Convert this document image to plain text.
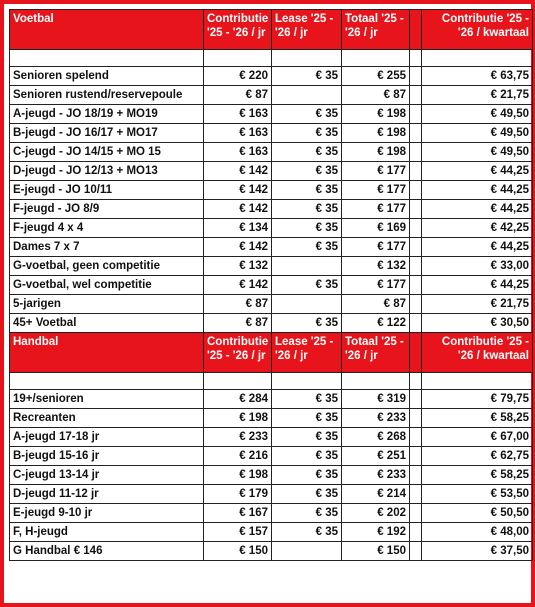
Voetbal	Contributie '25 - '26 / jr	Lease '25 - '26 / jr	Totaal '25 - '26 / jr		Contributie '25 - '26 / kwartaal

Senioren spelend	€ 220	€ 35	€ 255		€ 63,75
Senioren rustend/reservepoule	€ 87		€ 87		€ 21,75
A-jeugd - JO 18/19 + MO19	€ 163	€ 35	€ 198		€ 49,50
B-jeugd - JO 16/17 + MO17	€ 163	€ 35	€ 198		€ 49,50
C-jeugd - JO 14/15 + MO 15	€ 163	€ 35	€ 198		€ 49,50
D-jeugd - JO 12/13 + MO13	€ 142	€ 35	€ 177		€ 44,25
E-jeugd - JO 10/11	€ 142	€ 35	€ 177		€ 44,25
F-jeugd - JO 8/9	€ 142	€ 35	€ 177		€ 44,25
F-jeugd 4 x 4	€ 134	€ 35	€ 169		€ 42,25
Dames 7 x 7	€ 142	€ 35	€ 177		€ 44,25
G-voetbal, geen competitie	€ 132		€ 132		€ 33,00
G-voetbal, wel competitie	€ 142	€ 35	€ 177		€ 44,25
5-jarigen	€ 87		€ 87		€ 21,75
45+ Voetbal	€ 87	€ 35	€ 122		€ 30,50
Handbal	Contributie '25 - '26 / jr	Lease '25 - '26 / jr	Totaal '25 - '26 / jr		Contributie '25 - '26 / kwartaal

19+/senioren	€ 284	€ 35	€ 319		€ 79,75
Recreanten	€ 198	€ 35	€ 233		€ 58,25
A-jeugd 17-18 jr	€ 233	€ 35	€ 268		€ 67,00
B-jeugd 15-16 jr	€ 216	€ 35	€ 251		€ 62,75
C-jeugd 13-14 jr	€ 198	€ 35	€ 233		€ 58,25
D-jeugd 11-12 jr	€ 179	€ 35	€ 214		€ 53,50
E-jeugd 9-10 jr	€ 167	€ 35	€ 202		€ 50,50
F, H-jeugd	€ 157	€ 35	€ 192		€ 48,00
G Handbal € 146	€ 150		€ 150		€ 37,50
